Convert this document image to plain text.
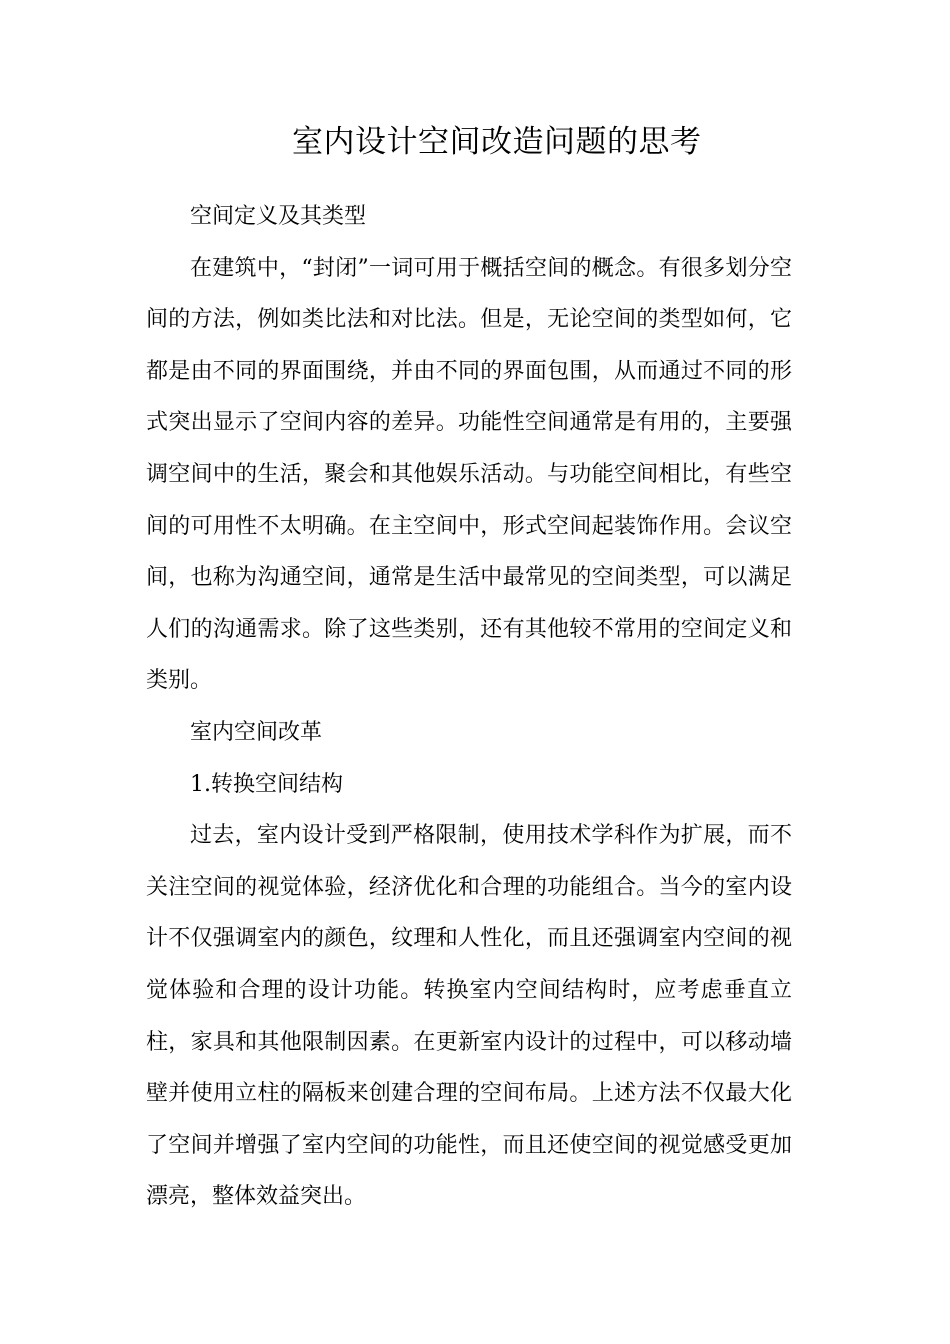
室内设计空间改造问题的思考

空间定义及其类型

在建筑中，“封闭”一词可用于概括空间的概念。有很多划分空间的方法，例如类比法和对比法。但是，无论空间的类型如何，它都是由不同的界面围绕，并由不同的界面包围，从而通过不同的形式突出显示了空间内容的差异。功能性空间通常是有用的，主要强调空间中的生活，聚会和其他娱乐活动。与功能空间相比，有些空间的可用性不太明确。在主空间中，形式空间起装饰作用。会议空间，也称为沟通空间，通常是生活中最常见的空间类型，可以满足人们的沟通需求。除了这些类别，还有其他较不常用的空间定义和类别。

室内空间改革

1.转换空间结构

过去，室内设计受到严格限制，使用技术学科作为扩展，而不关注空间的视觉体验，经济优化和合理的功能组合。当今的室内设计不仅强调室内的颜色，纹理和人性化，而且还强调室内空间的视觉体验和合理的设计功能。转换室内空间结构时，应考虑垂直立柱，家具和其他限制因素。在更新室内设计的过程中，可以移动墙壁并使用立柱的隔板来创建合理的空间布局。上述方法不仅最大化了空间并增强了室内空间的功能性，而且还使空间的视觉感受更加漂亮，整体效益突出。
